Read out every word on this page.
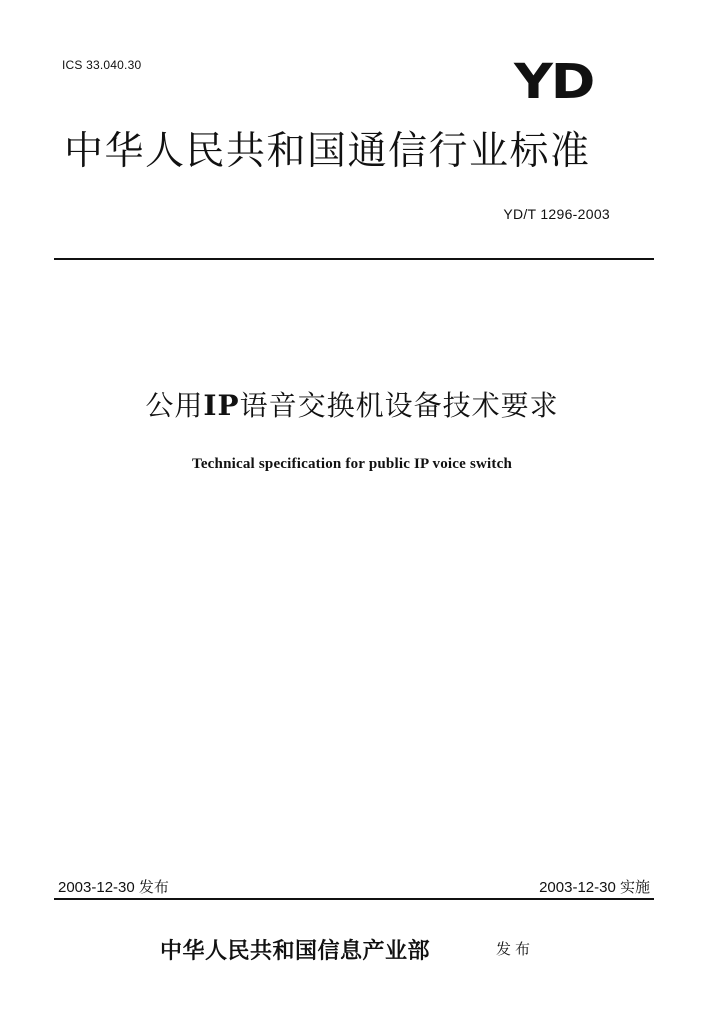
ICS 33.040.30	YD
中华人民共和国通信行业标准
YD/T 1296-2003
公用IP语音交换机设备技术要求
Technical specification for public IP voice switch
2003-12-30 发布	2003-12-30 实施
中华人民共和国信息产业部	发布
